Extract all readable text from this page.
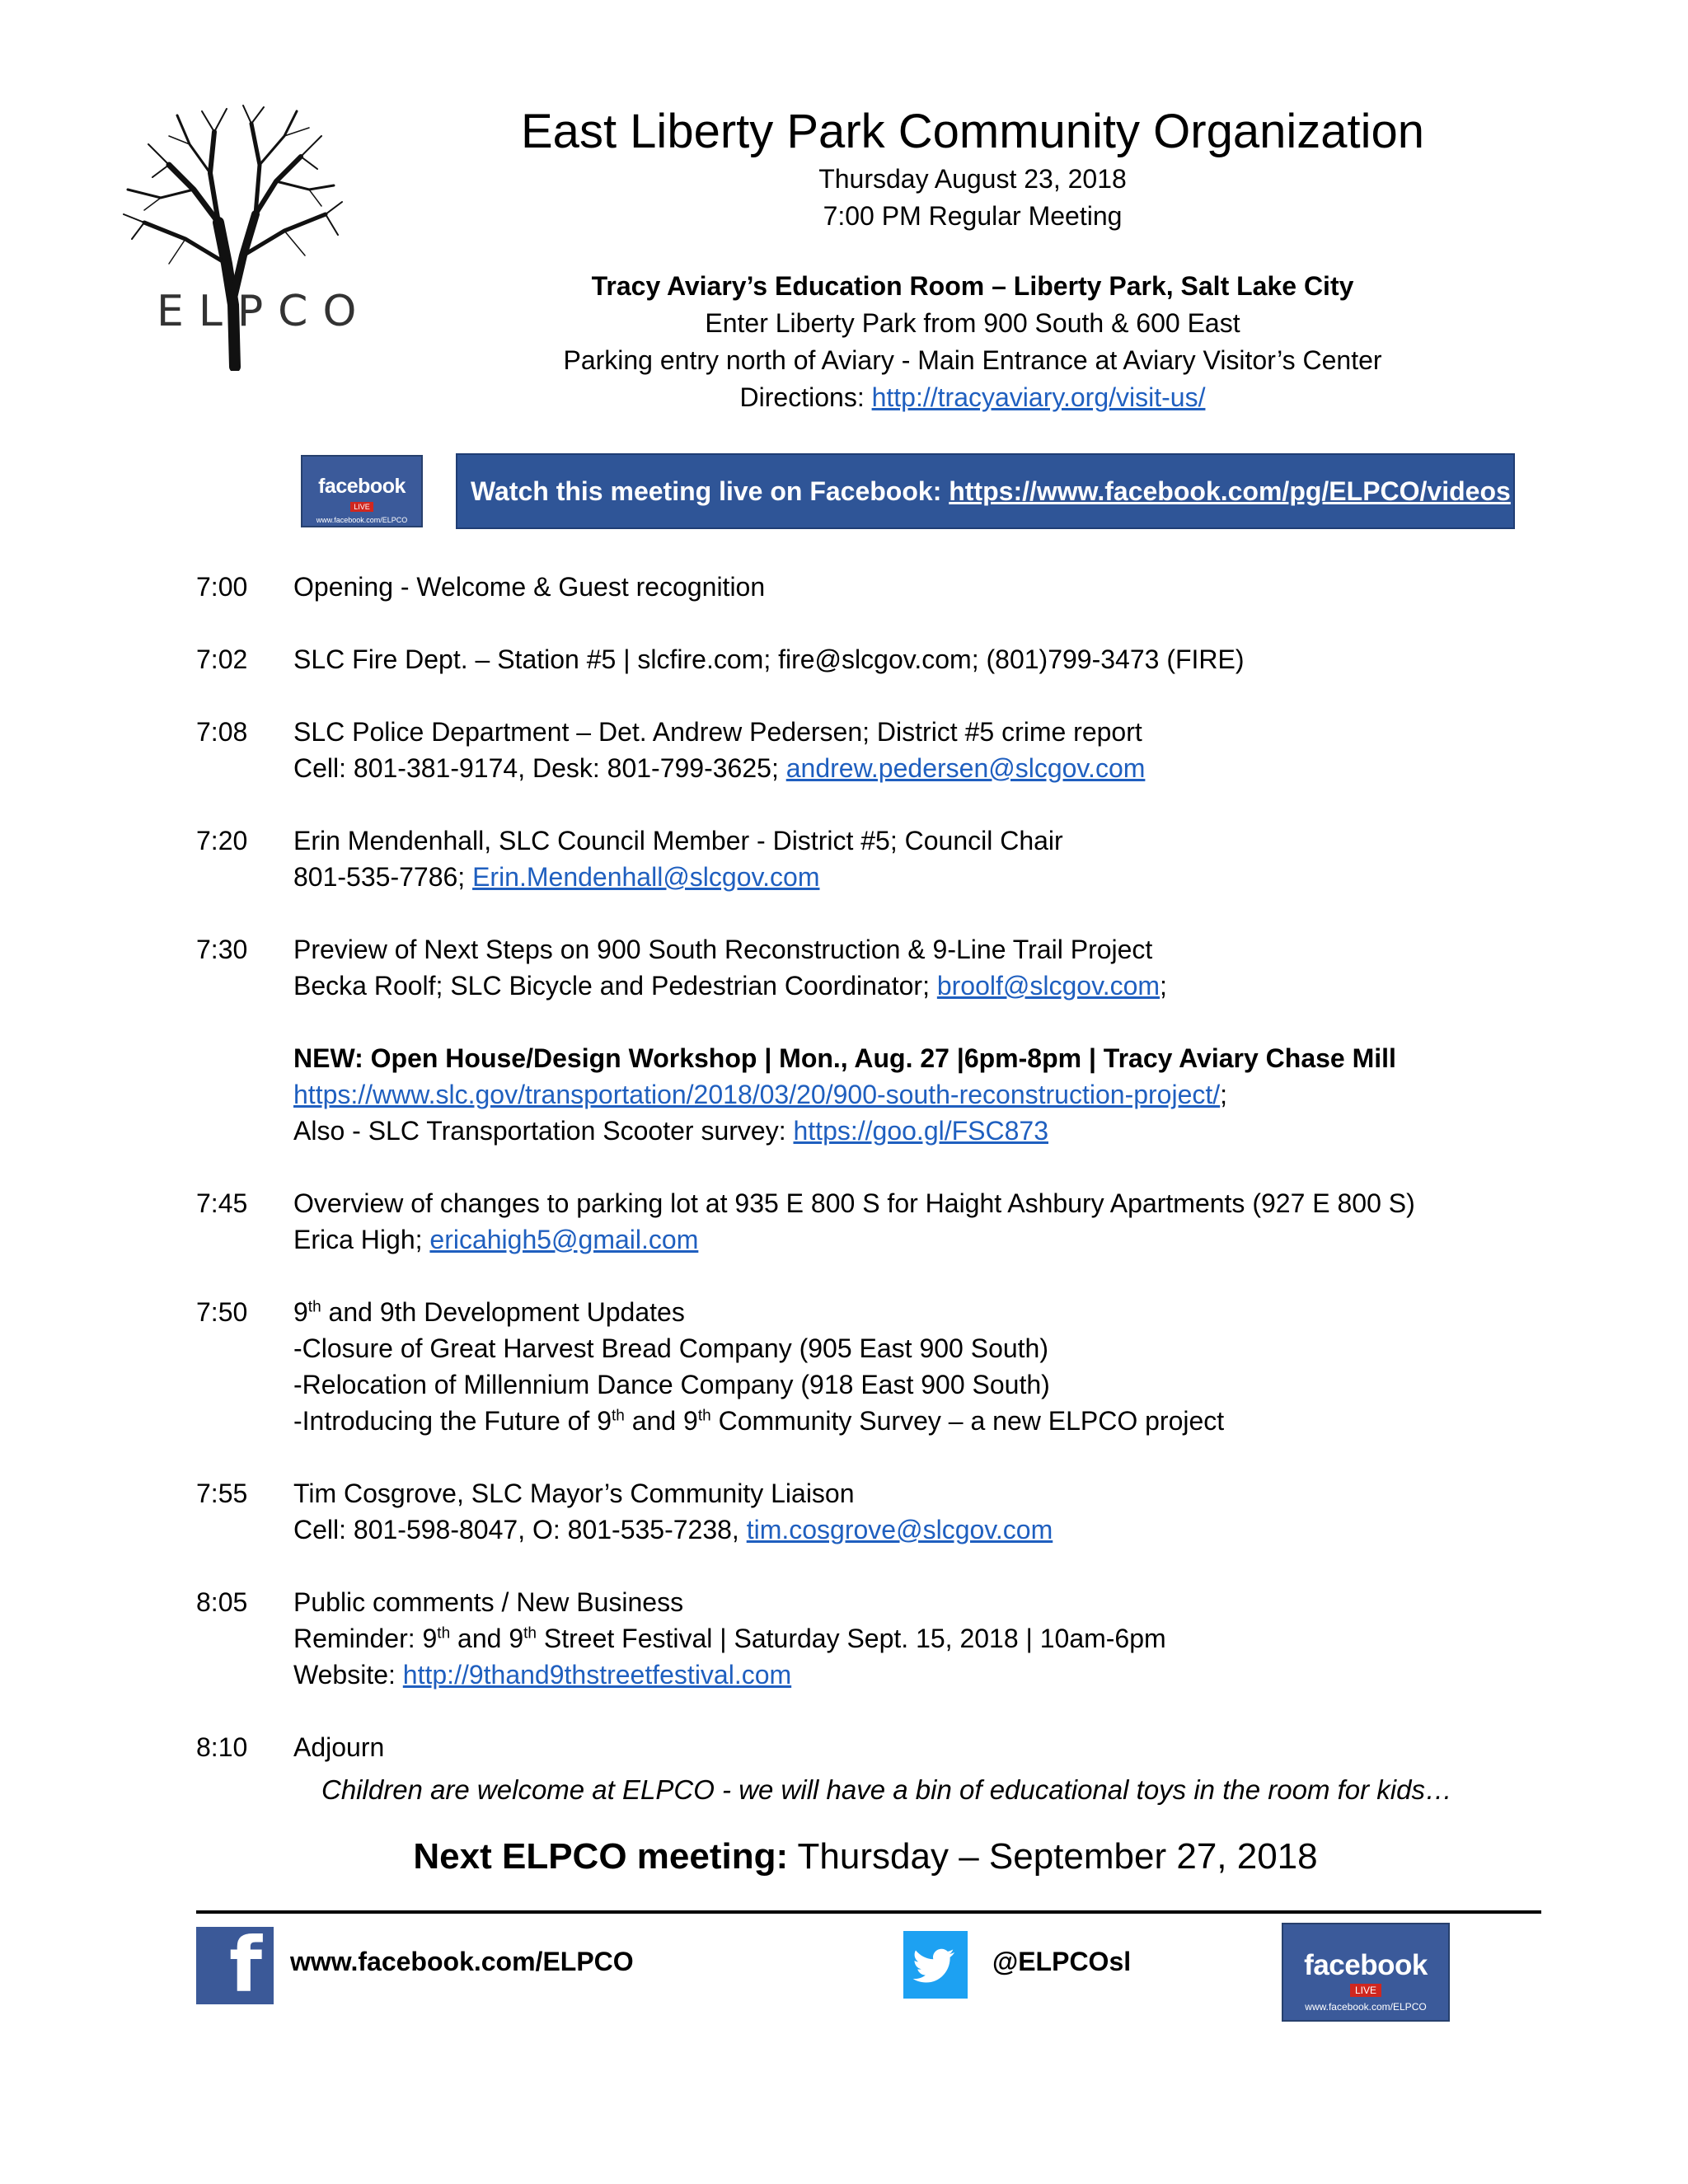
ELPCO
East Liberty Park Community Organization
Thursday August 23, 2018
7:00 PM Regular Meeting
Tracy Aviary’s Education Room – Liberty Park, Salt Lake City
Enter Liberty Park from 900 South & 600 East
Parking entry north of Aviary - Main Entrance at Aviary Visitor’s Center
Directions: http://tracyaviary.org/visit-us/
facebook
LIVE
www.facebook.com/ELPCO
Watch this meeting live on Facebook: https://www.facebook.com/pg/ELPCO/videos
7:00	Opening - Welcome & Guest recognition
7:02	SLC Fire Dept. – Station #5 | slcfire.com; fire@slcgov.com; (801)799-3473 (FIRE)
7:08	SLC Police Department – Det. Andrew Pedersen; District #5 crime report
Cell: 801-381-9174, Desk: 801-799-3625; andrew.pedersen@slcgov.com
7:20	Erin Mendenhall, SLC Council Member - District #5; Council Chair
801-535-7786; Erin.Mendenhall@slcgov.com
7:30	Preview of Next Steps on 900 South Reconstruction & 9-Line Trail Project
Becka Roolf; SLC Bicycle and Pedestrian Coordinator; broolf@slcgov.com;
NEW: Open House/Design Workshop | Mon., Aug. 27 |6pm-8pm | Tracy Aviary Chase Mill
https://www.slc.gov/transportation/2018/03/20/900-south-reconstruction-project/;
Also - SLC Transportation Scooter survey: https://goo.gl/FSC873
7:45	Overview of changes to parking lot at 935 E 800 S for Haight Ashbury Apartments (927 E 800 S)
Erica High; ericahigh5@gmail.com
7:50	9th and 9th Development Updates
-Closure of Great Harvest Bread Company (905 East 900 South)
-Relocation of Millennium Dance Company (918 East 900 South)
-Introducing the Future of 9th and 9th Community Survey – a new ELPCO project
7:55	Tim Cosgrove, SLC Mayor’s Community Liaison
Cell: 801-598-8047, O: 801-535-7238, tim.cosgrove@slcgov.com
8:05	Public comments / New Business
Reminder: 9th and 9th Street Festival | Saturday Sept. 15, 2018 | 10am-6pm
Website: http://9thand9thstreetfestival.com
8:10	Adjourn
Children are welcome at ELPCO - we will have a bin of educational toys in the room for kids…
Next ELPCO meeting: Thursday – September 27, 2018
f www.facebook.com/ELPCO	@ELPCOsl	facebook
LIVE
www.facebook.com/ELPCO
